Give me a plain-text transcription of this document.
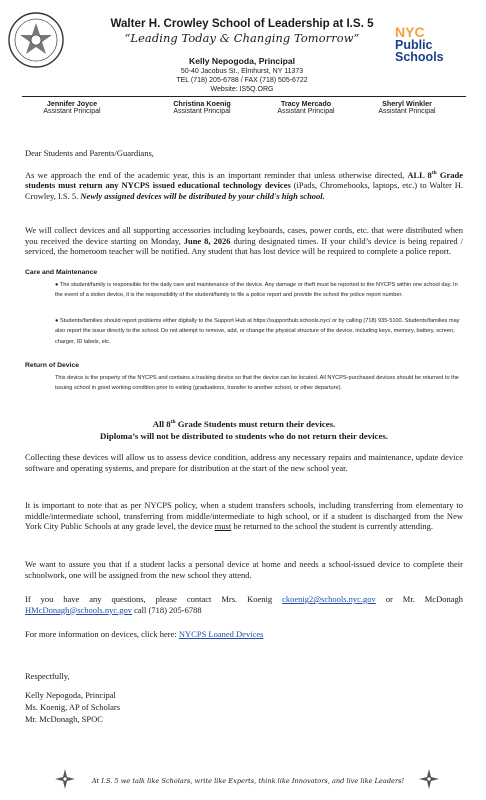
Walter H. Crowley School of Leadership at I.S. 5
“Leading Today & Changing Tomorrow”
Kelly Nepogoda, Principal
50-40 Jacobus St., Elmhurst, NY 11373
TEL (718) 205-6788 / FAX (718) 505-6722
Website: IS5Q.ORG
NYC
Public
Schools
Jennifer Joyce
Assistant Principal
Christina Koenig
Assistant Principal
Tracy Mercado
Assistant Principal
Sheryl Winkler
Assistant Principal
Dear Students and Parents/Guardians,
As we approach the end of the academic year, this is an important reminder that unless otherwise directed, ALL 8th Grade students must return any NYCPS issued educational technology devices (iPads, Chromebooks, laptops, etc.) to Walter H. Crowley, I.S. 5. Newly assigned devices will be distributed by your child's high school.
We will collect devices and all supporting accessories including keyboards, cases, power cords, etc. that were distributed when you received the device starting on Monday, June 8, 2026 during designated times. If your child’s device is being repaired / serviced, the homeroom teacher will be notified. Any student that has lost device will be required to complete a police report.
Care and Maintenance
● The student/family is responsible for the daily care and maintenance of the device. Any damage or theft must be reported to the NYCPS within one school day. In the event of a stolen device, it is the responsibility of the student/family to file a police report and provide the school the police report number.
● Students/families should report problems either digitally to the Support Hub at https://supporthub.schools.nyc/ or by calling (718) 935-5100. Students/families may also report the issue directly to the school. Do not attempt to remove, add, or change the physical structure of the device, including keys, memory, battery, screen, charger, ID labels, etc.
Return of Device
This device is the property of the NYCPS and contains a tracking device so that the device can be located. All NYCPS-purchased devices should be returned to the issuing school in good working condition prior to exiting (graduations, transfer to another school, or other departure).
All 8th Grade Students must return their devices.
Diploma’s will not be distributed to students who do not return their devices.
Collecting these devices will allow us to assess device condition, address any necessary repairs and maintenance, update device software and operating systems, and prepare for distribution at the start of the new school year.
It is important to note that as per NYCPS policy, when a student transfers schools, including transferring from elementary to middle/intermediate school, transferring from middle/intermediate to high school, or if a student is discharged from the New York City Public Schools at any grade level, the device must be returned to the school the student is currently attending.
We want to assure you that if a student lacks a personal device at home and needs a school-issued device to complete their schoolwork, one will be assigned from the new school they attend.
If you have any questions, please contact Mrs. Koenig ckoenig2@schools.nyc.gov or Mr. McDonagh HMcDonagh@schools.nyc.gov call (718) 205-6788
For more information on devices, click here: NYCPS Loaned Devices
Respectfully,
Kelly Nepogoda, Principal
Ms. Koenig, AP of Scholars
Mr. McDonagh, SPOC
At I.S. 5 we talk like Scholars, write like Experts, think like Innovators, and live like Leaders!
